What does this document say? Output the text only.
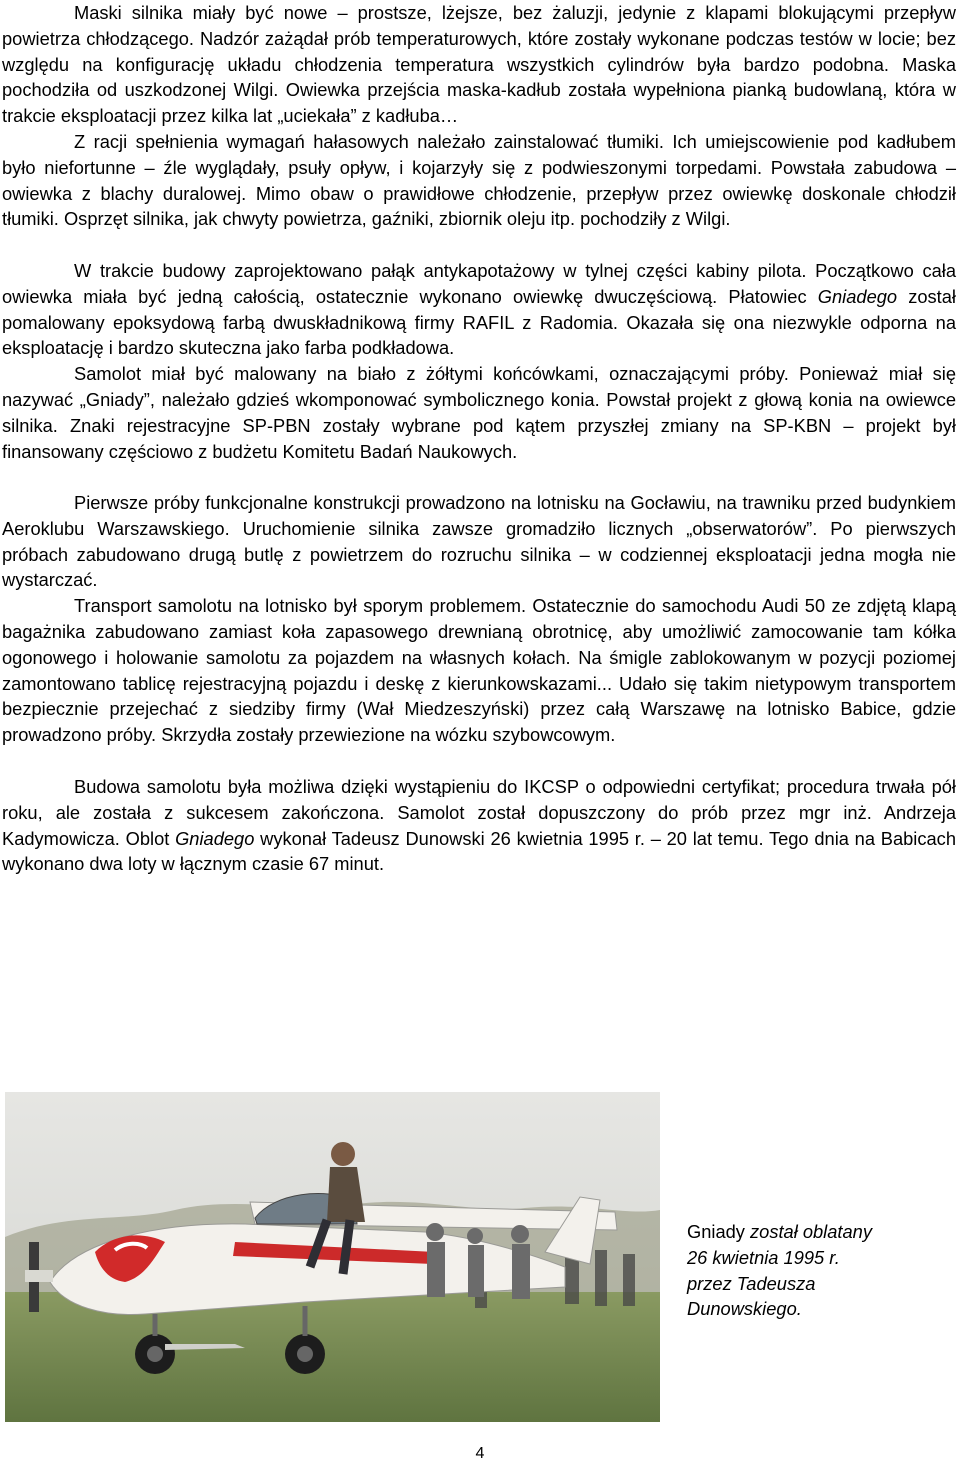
Maski silnika miały być nowe – prostsze, lżejsze, bez żaluzji, jedynie z klapami blokującymi przepływ powietrza chłodzącego. Nadzór zażądał prób temperaturowych, które zostały wykonane podczas testów w locie; bez względu na konfigurację układu chłodzenia temperatura wszystkich cylindrów była bardzo podobna. Maska pochodziła od uszkodzonej Wilgi. Owiewka przejścia maska-kadłub została wypełniona pianką budowlaną, która w trakcie eksploatacji przez kilka lat „uciekała” z kadłuba…

Z racji spełnienia wymagań hałasowych należało zainstalować tłumiki. Ich umiejscowienie pod kadłubem było niefortunne – źle wyglądały, psuły opływ, i kojarzyły się z podwieszonymi torpedami. Powstała zabudowa – owiewka z blachy duralowej. Mimo obaw o prawidłowe chłodzenie, przepływ przez owiewkę doskonale chłodził tłumiki. Osprzęt silnika, jak chwyty powietrza, gaźniki, zbiornik oleju itp. pochodziły z Wilgi.

W trakcie budowy zaprojektowano pałąk antykapotażowy w tylnej części kabiny pilota. Początkowo cała owiewka miała być jedną całością, ostatecznie wykonano owiewkę dwuczęściową. Płatowiec Gniadego został pomalowany epoksydową farbą dwuskładnikową firmy RAFIL z Radomia. Okazała się ona niezwykle odporna na eksploatację i bardzo skuteczna jako farba podkładowa.

Samolot miał być malowany na biało z żółtymi końcówkami, oznaczającymi próby. Ponieważ miał się nazywać „Gniady”, należało gdzieś wkomponować symbolicznego konia. Powstał projekt z głową konia na owiewce silnika. Znaki rejestracyjne SP-PBN zostały wybrane pod kątem przyszłej zmiany na SP-KBN – projekt był finansowany częściowo z budżetu Komitetu Badań Naukowych.

Pierwsze próby funkcjonalne konstrukcji prowadzono na lotnisku na Gocławiu, na trawniku przed budynkiem Aeroklubu Warszawskiego. Uruchomienie silnika zawsze gromadziło licznych „obserwatorów”. Po pierwszych próbach zabudowano drugą butlę z powietrzem do rozruchu silnika – w codziennej eksploatacji jedna mogła nie wystarczać.

Transport samolotu na lotnisko był sporym problemem. Ostatecznie do samochodu Audi 50 ze zdjętą klapą bagażnika zabudowano zamiast koła zapasowego drewnianą obrotnicę, aby umożliwić zamocowanie tam kółka ogonowego i holowanie samolotu za pojazdem na własnych kołach. Na śmigle zablokowanym w pozycji poziomej zamontowano tablicę rejestracyjną pojazdu i deskę z kierunkowskazami... Udało się takim nietypowym transportem bezpiecznie przejechać z siedziby firmy (Wał Miedzeszyński) przez całą Warszawę na lotnisko Babice, gdzie prowadzono próby. Skrzydła zostały przewiezione na wózku szybowcowym.

Budowa samolotu była możliwa dzięki wystąpieniu do IKCSP o odpowiedni certyfikat; procedura trwała pół roku, ale została z sukcesem zakończona. Samolot został dopuszczony do prób przez mgr inż. Andrzeja Kadymowicza. Oblot Gniadego wykonał Tadeusz Dunowski 26 kwietnia 1995 r. – 20 lat temu. Tego dnia na Babicach wykonano dwa loty w łącznym czasie 67 minut.

Gniady został oblatany

26 kwietnia 1995 r.

przez Tadeusza

Dunowskiego.

4
